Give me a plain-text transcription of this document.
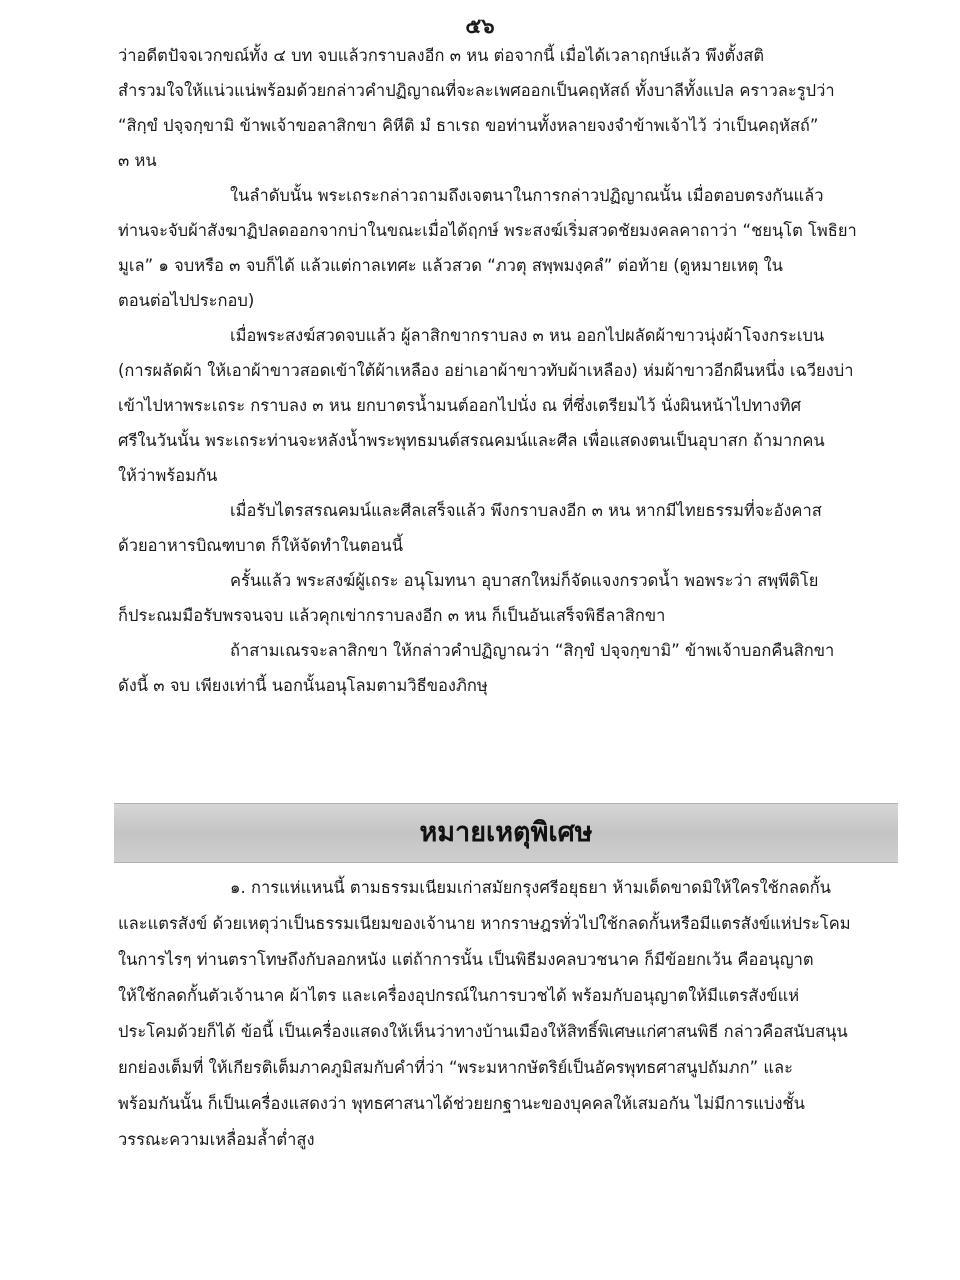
๕๖

ว่าอดีตปัจจเวกขณ์ทั้ง ๔ บท จบแล้วกราบลงอีก ๓ หน ต่อจากนี้ เมื่อได้เวลาฤกษ์แล้ว พึงตั้งสติ
สำรวมใจให้แน่วแน่พร้อมด้วยกล่าวคำปฏิญาณที่จะละเพศออกเป็นคฤหัสถ์ ทั้งบาลีทั้งแปล คราวละรูปว่า
“สิกฺขํ ปจฺจกฺขามิ ข้าพเจ้าขอลาสิกขา คิหีติ มํ ธาเรถ ขอท่านทั้งหลายจงจำข้าพเจ้าไว้ ว่าเป็นคฤหัสถ์”
๓ หน

ในลำดับนั้น พระเถระกล่าวถามถึงเจตนาในการกล่าวปฏิญาณนั้น เมื่อตอบตรงกันแล้ว
ท่านจะจับผ้าสังฆาฏิปลดออกจากบ่าในขณะเมื่อได้ฤกษ์ พระสงฆ์เริ่มสวดชัยมงคลคาถาว่า “ชยนฺโต โพธิยา
มูเล” ๑ จบหรือ ๓ จบก็ได้ แล้วแต่กาลเทศะ แล้วสวด “ภวตุ สพฺพมงฺคลํ” ต่อท้าย (ดูหมายเหตุ ใน
ตอนต่อไปประกอบ)

เมื่อพระสงฆ์สวดจบแล้ว ผู้ลาสิกขากราบลง ๓ หน ออกไปผลัดผ้าขาวนุ่งผ้าโจงกระเบน
(การผลัดผ้า ให้เอาผ้าขาวสอดเข้าใต้ผ้าเหลือง อย่าเอาผ้าขาวทับผ้าเหลือง) ห่มผ้าขาวอีกผืนหนึ่ง เฉวียงบ่า
เข้าไปหาพระเถระ กราบลง ๓ หน ยกบาตรน้ำมนต์ออกไปนั่ง ณ ที่ซึ่งเตรียมไว้ นั่งผินหน้าไปทางทิศ
ศรีในวันนั้น พระเถระท่านจะหลังน้ำพระพุทธมนต์สรณคมน์และศีล เพื่อแสดงตนเป็นอุบาสก ถ้ามากคน
ให้ว่าพร้อมกัน

เมื่อรับไตรสรณคมน์และศีลเสร็จแล้ว พึงกราบลงอีก ๓ หน หากมีไทยธรรมที่จะอังคาส
ด้วยอาหารบิณฑบาต ก็ให้จัดทำในตอนนี้

ครั้นแล้ว พระสงฆ์ผู้เถระ อนุโมทนา อุบาสกใหม่ก็จัดแจงกรวดน้ำ พอพระว่า สพฺพีติโย
ก็ประณมมือรับพรจนจบ แล้วคุกเข่ากราบลงอีก ๓ หน ก็เป็นอันเสร็จพิธีลาสิกขา

ถ้าสามเณรจะลาสิกขา ให้กล่าวคำปฏิญาณว่า “สิกฺขํ ปจฺจกฺขามิ” ข้าพเจ้าบอกคืนสิกขา
ดังนี้ ๓ จบ เพียงเท่านี้ นอกนั้นอนุโลมตามวิธีของภิกษุ

หมายเหตุพิเศษ

๑. การแห่แหนนี้ ตามธรรมเนียมเก่าสมัยกรุงศรีอยุธยา ห้ามเด็ดขาดมิให้ใครใช้กลดกั้น
และแตรสังข์ ด้วยเหตุว่าเป็นธรรมเนียมของเจ้านาย หากราษฎรทั่วไปใช้กลดกั้นหรือมีแตรสังข์แห่ประโคม
ในการไรๆ ท่านตราโทษถึงกับลอกหนัง แต่ถ้าการนั้น เป็นพิธีมงคลบวชนาค ก็มีข้อยกเว้น คืออนุญาต
ให้ใช้กลดกั้นตัวเจ้านาค ผ้าไตร และเครื่องอุปกรณ์ในการบวชได้ พร้อมกับอนุญาตให้มีแตรสังข์แห่
ประโคมด้วยก็ได้ ข้อนี้ เป็นเครื่องแสดงให้เห็นว่าทางบ้านเมืองให้สิทธิ์พิเศษแก่ศาสนพิธี กล่าวคือสนับสนุน
ยกย่องเต็มที่ ให้เกียรติเต็มภาคภูมิสมกับคำที่ว่า “พระมหากษัตริย์เป็นอัครพุทธศาสนูปถัมภก” และ
พร้อมกันนั้น ก็เป็นเครื่องแสดงว่า พุทธศาสนาได้ช่วยยกฐานะของบุคคลให้เสมอกัน ไม่มีการแบ่งชั้น
วรรณะความเหลื่อมล้ำต่ำสูง
